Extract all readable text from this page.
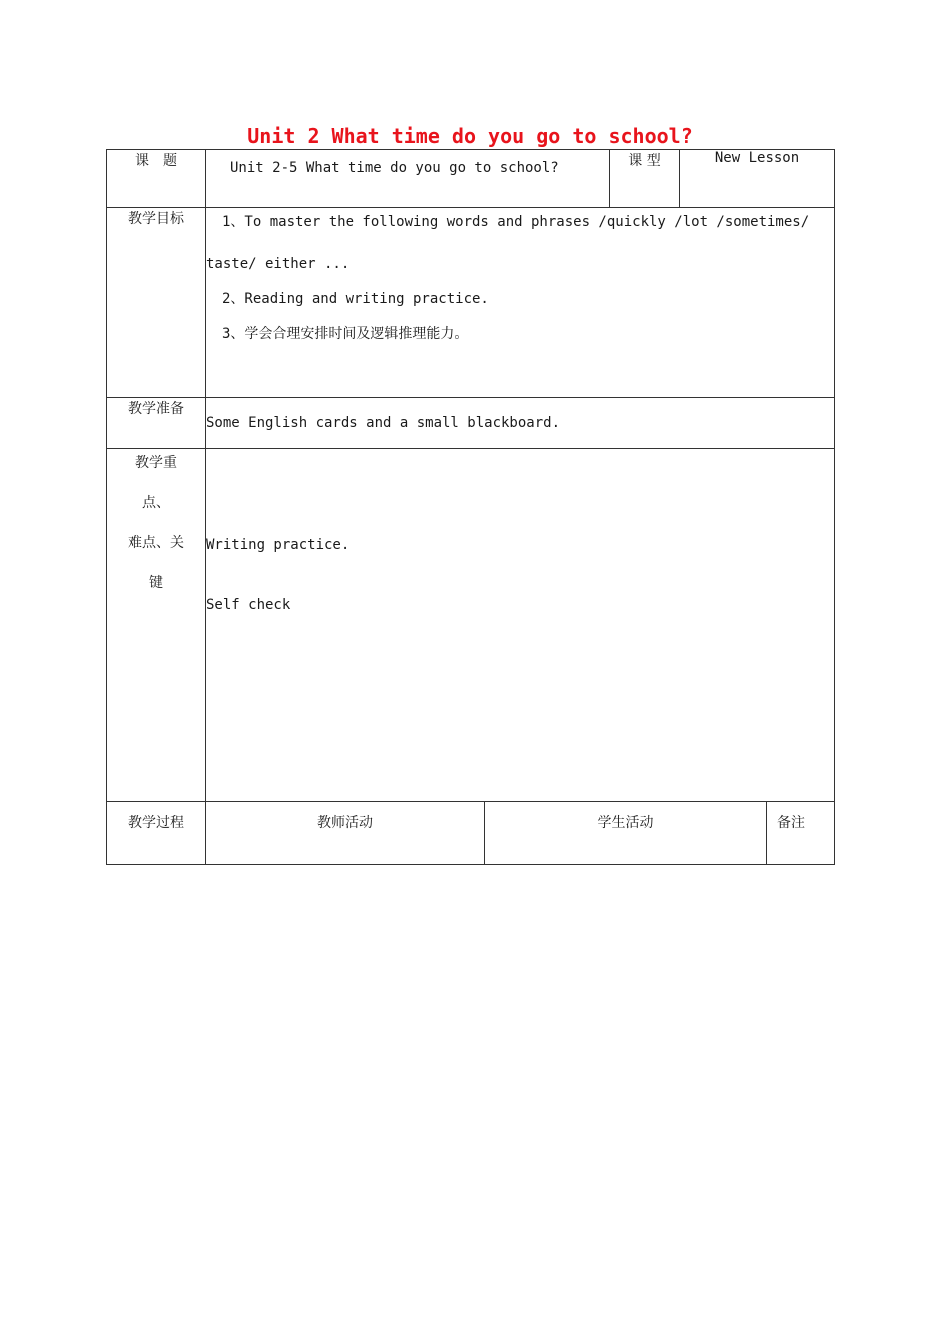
Unit 2 What time do you go to school?
课　题	Unit 2-5 What time do you go to school?		课 型	New Lesson	
教学目标	1、To master the following words and phrases /quickly /lot /sometimes/
taste/ either ...
2、Reading and writing practice.
3、学会合理安排时间及逻辑推理能力。				

教学准备	Some English cards and a small blackboard.				

教学重
点、
难点、关
键	Writing practice.
Self check				

教学过程	教师活动	学生活动			备注
